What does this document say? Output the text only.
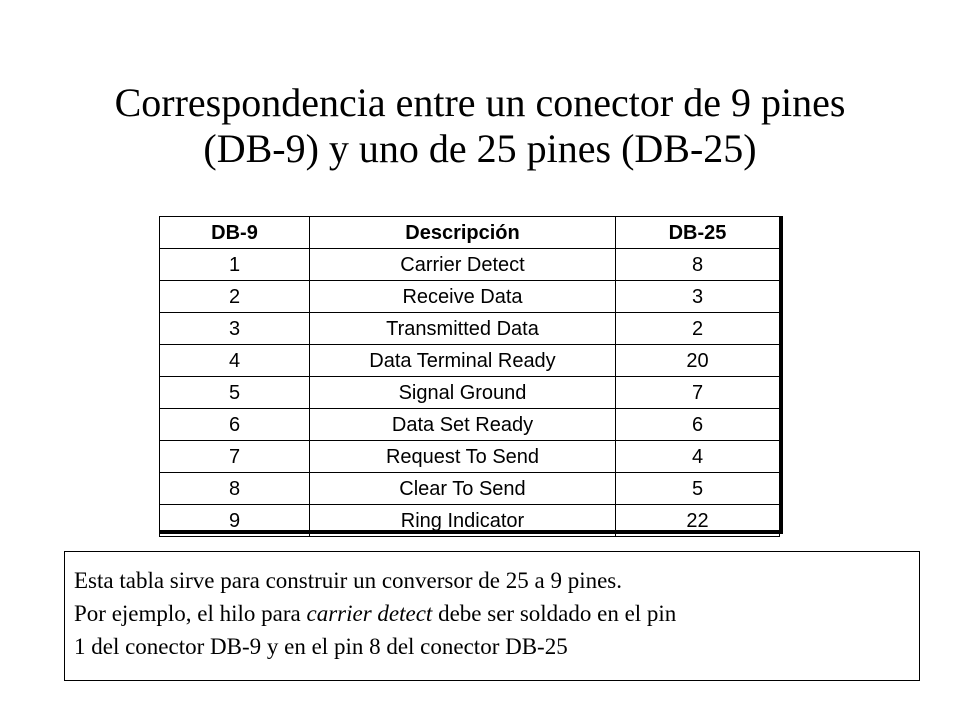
Correspondencia entre un conector de 9 pines
(DB-9) y uno de 25 pines (DB-25)
DB-9	Descripción	DB-25
1	Carrier Detect	8
2	Receive Data	3
3	Transmitted Data	2
4	Data Terminal Ready	20
5	Signal Ground	7
6	Data Set Ready	6
7	Request To Send	4
8	Clear To Send	5
9	Ring Indicator	22

Esta tabla sirve para construir un conversor de 25 a 9 pines.

Por ejemplo, el hilo para carrier detect debe ser soldado en el pin

1 del conector DB-9 y en el pin 8 del conector DB-25
